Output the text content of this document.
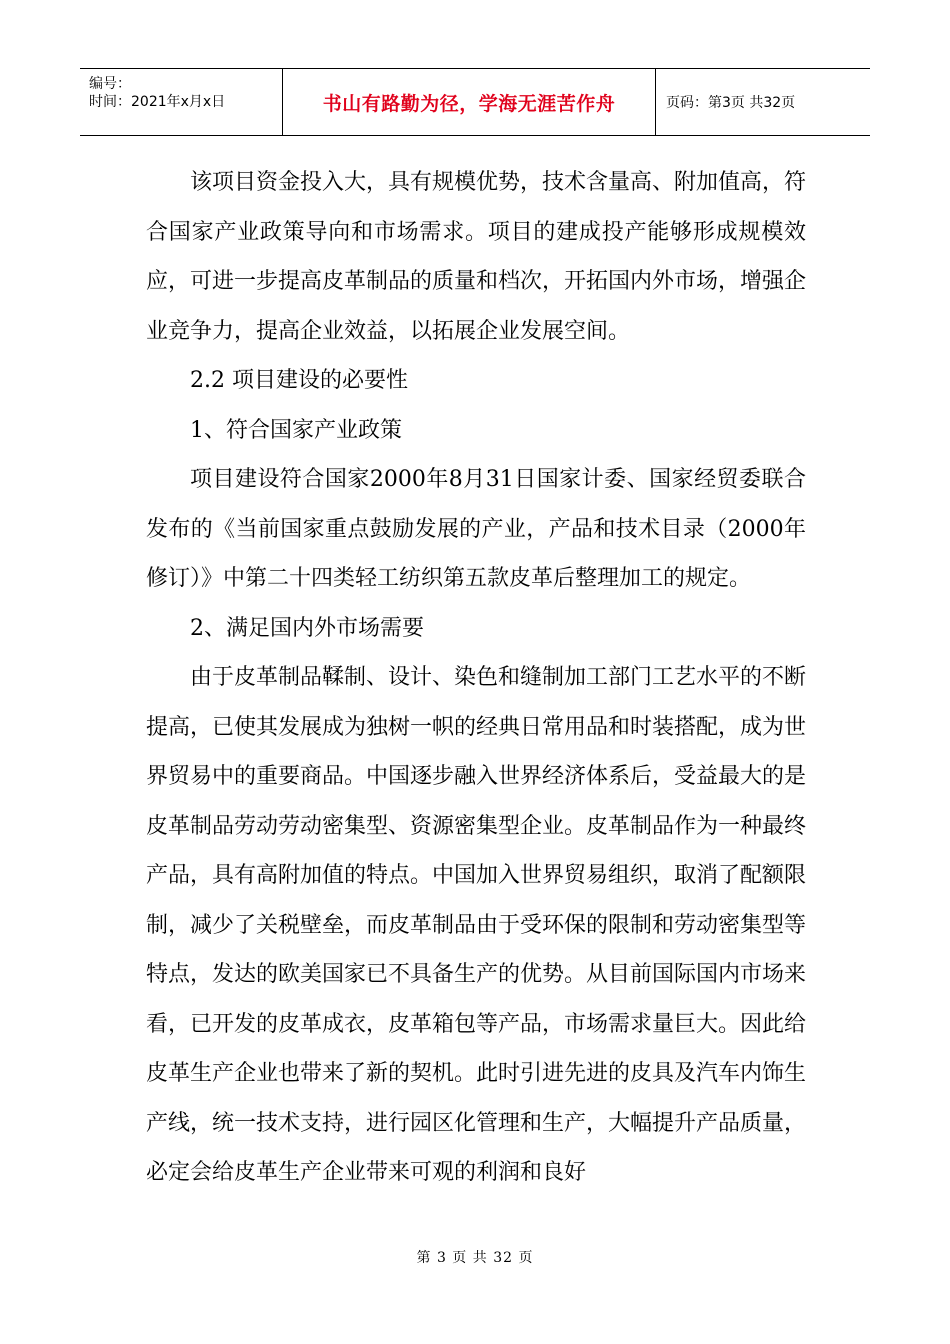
编号：
时间：2021年x月x日	书山有路勤为径，学海无涯苦作舟	页码：第3页 共32页

该项目资金投入大，具有规模优势，技术含量高、附加值高，符合国家产业政策导向和市场需求。项目的建成投产能够形成规模效应，可进一步提高皮革制品的质量和档次，开拓国内外市场，增强企业竞争力，提高企业效益，以拓展企业发展空间。

2.2 项目建设的必要性

1、符合国家产业政策

项目建设符合国家2000年8月31日国家计委、国家经贸委联合发布的《当前国家重点鼓励发展的产业，产品和技术目录（2000年修订）》中第二十四类轻工纺织第五款皮革后整理加工的规定。

2、满足国内外市场需要

由于皮革制品鞣制、设计、染色和缝制加工部门工艺水平的不断提高，已使其发展成为独树一帜的经典日常用品和时装搭配，成为世界贸易中的重要商品。中国逐步融入世界经济体系后，受益最大的是皮革制品劳动劳动密集型、资源密集型企业。皮革制品作为一种最终产品，具有高附加值的特点。中国加入世界贸易组织，取消了配额限制，减少了关税壁垒，而皮革制品由于受环保的限制和劳动密集型等特点，发达的欧美国家已不具备生产的优势。从目前国际国内市场来看，已开发的皮革成衣，皮革箱包等产品，市场需求量巨大。因此给皮革生产企业也带来了新的契机。此时引进先进的皮具及汽车内饰生产线，统一技术支持，进行园区化管理和生产，大幅提升产品质量，必定会给皮革生产企业带来可观的利润和良好

第 3 页 共 32 页
